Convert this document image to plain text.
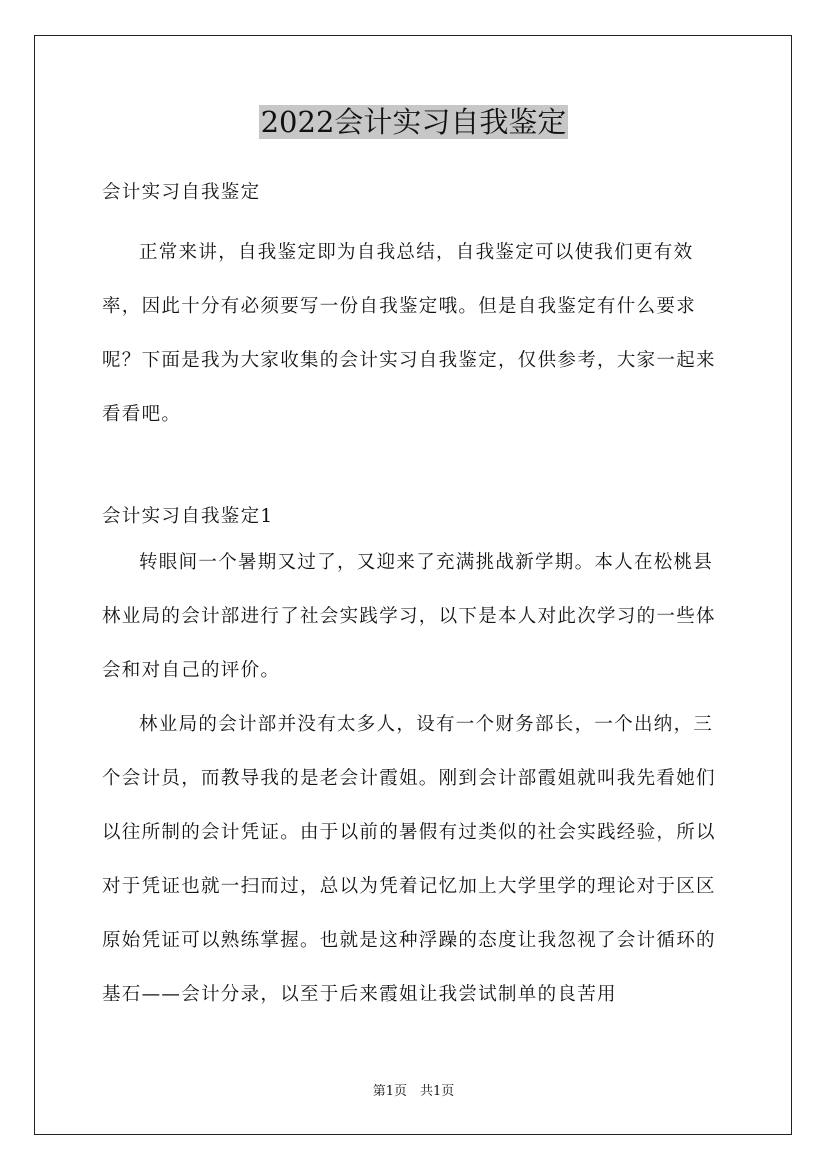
2022会计实习自我鉴定

会计实习自我鉴定

正常来讲，自我鉴定即为自我总结，自我鉴定可以使我们更有效率，因此十分有必须要写一份自我鉴定哦。但是自我鉴定有什么要求呢？下面是我为大家收集的会计实习自我鉴定，仅供参考，大家一起来看看吧。

会计实习自我鉴定1

转眼间一个暑期又过了，又迎来了充满挑战新学期。本人在松桃县林业局的会计部进行了社会实践学习，以下是本人对此次学习的一些体会和对自己的评价。

林业局的会计部并没有太多人，设有一个财务部长，一个出纳，三个会计员，而教导我的是老会计霞姐。刚到会计部霞姐就叫我先看她们以往所制的会计凭证。由于以前的暑假有过类似的社会实践经验，所以对于凭证也就一扫而过，总以为凭着记忆加上大学里学的理论对于区区原始凭证可以熟练掌握。也就是这种浮躁的态度让我忽视了会计循环的基石——会计分录，以至于后来霞姐让我尝试制单的良苦用

第1页　共1页
